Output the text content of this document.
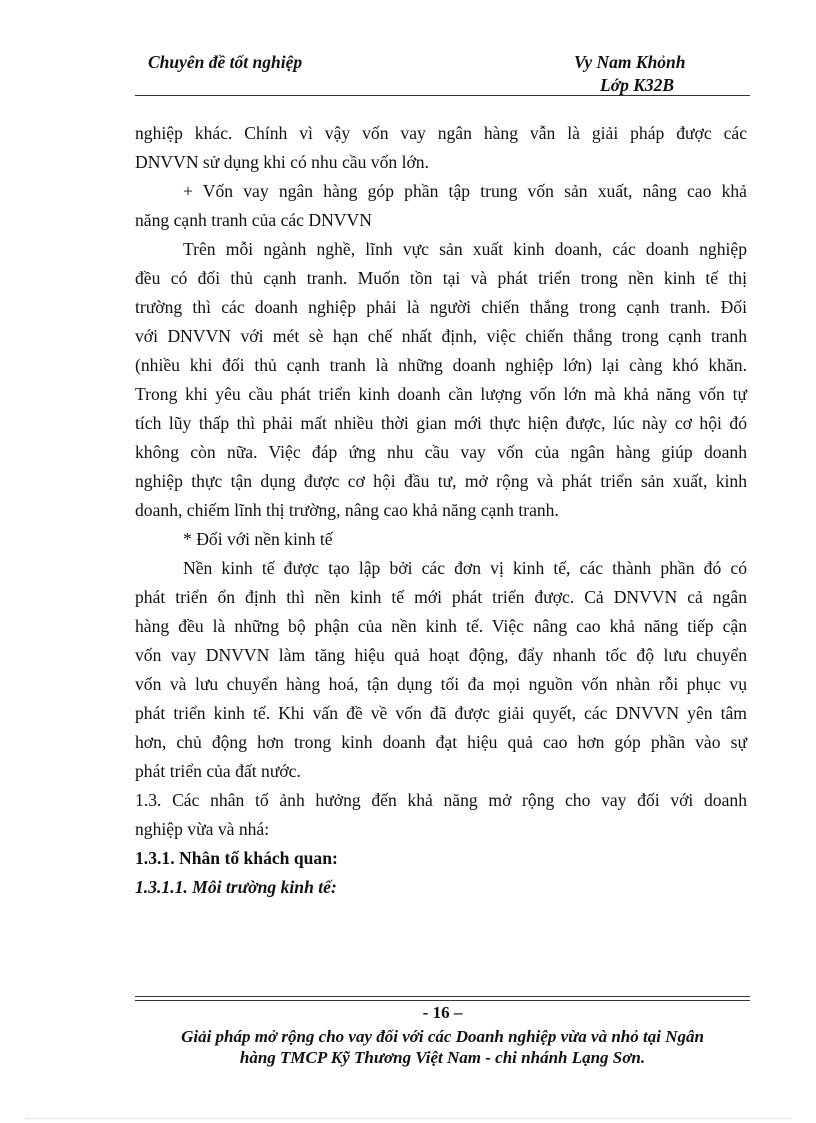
Chuyên đề tốt nghiệp	Vy Nam Khỏnh
Lớp K32B
nghiệp khác. Chính vì vậy vốn vay ngân hàng vẫn là giải pháp được các
DNVVN sử dụng khi có nhu cầu vốn lớn.
+ Vốn vay ngân hàng góp phần tập trung vốn sản xuất, nâng cao khả
năng cạnh tranh của các DNVVN
Trên mỗi ngành nghề, lĩnh vực sản xuất kinh doanh, các doanh nghiệp
đều có đối thủ cạnh tranh. Muốn tồn tại và phát triển trong nền kinh tế thị
trường thì các doanh nghiệp phải là người chiến thắng trong cạnh tranh. Đối
với DNVVN với mét sè hạn chế nhất định, việc chiến thắng trong cạnh tranh
(nhiều khi đối thủ cạnh tranh là những doanh nghiệp lớn) lại càng khó khăn.
Trong khi yêu cầu phát triển kinh doanh cần lượng vốn lớn mà khả năng vốn tự
tích lũy thấp thì phải mất nhiều thời gian mới thực hiện được, lúc này cơ hội đó
không còn nữa. Việc đáp ứng nhu cầu vay vốn của ngân hàng giúp doanh
nghiệp thực tận dụng được cơ hội đầu tư, mở rộng và phát triển sản xuất, kinh
doanh, chiếm lĩnh thị trường, nâng cao khả năng cạnh tranh.
* Đối với nền kinh tế
Nền kinh tế được tạo lập bởi các đơn vị kinh tế, các thành phần đó có
phát triển ổn định thì nền kinh tế mới phát triển được. Cả DNVVN cả ngân
hàng đều là những bộ phận của nền kinh tế. Việc nâng cao khả năng tiếp cận
vốn vay DNVVN làm tăng hiệu quả hoạt động, đẩy nhanh tốc độ lưu chuyển
vốn và lưu chuyển hàng hoá, tận dụng tối đa mọi nguồn vốn nhàn rỗi phục vụ
phát triển kinh tế. Khi vấn đề về vốn đã được giải quyết, các DNVVN yên tâm
hơn, chủ động hơn trong kinh doanh đạt hiệu quả cao hơn góp phần vào sự
phát triển của đất nước.
1.3. Các nhân tố ảnh hưởng đến khả năng mở rộng cho vay đối với doanh
nghiệp vừa và nhá:
1.3.1. Nhân tố khách quan:
1.3.1.1. Môi trường kinh tế:
- 16 –
Giải pháp mở rộng cho vay đối với các Doanh nghiệp vừa và nhỏ tại Ngân
hàng TMCP Kỹ Thương Việt Nam - chi nhánh Lạng Sơn.
